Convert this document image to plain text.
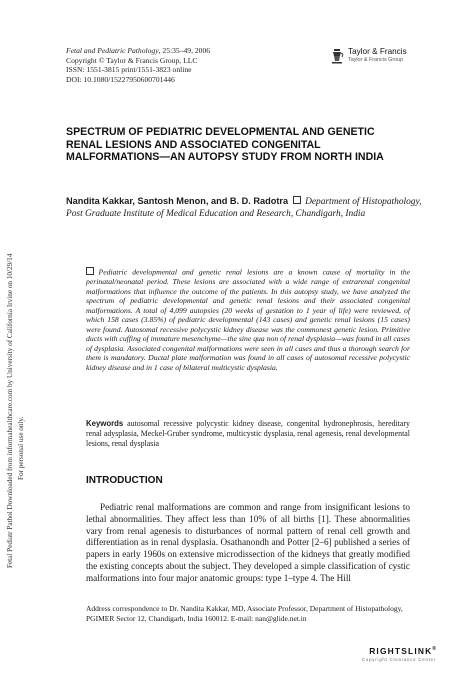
Fetal Pediatr Pathol Downloaded from informahealthcare.com by University of California Irvine on 10/29/14 For personal use only.
Fetal and Pediatric Pathology, 25:35–49, 2006
Copyright © Taylor & Francis Group, LLC
ISSN: 1551-3815 print/1551-3823 online
DOI: 10.1080/15227950600701446
Taylor & Francis
Taylor & Francis Group
SPECTRUM OF PEDIATRIC DEVELOPMENTAL AND GENETIC RENAL LESIONS AND ASSOCIATED CONGENITAL MALFORMATIONS—AN AUTOPSY STUDY FROM NORTH INDIA
Nandita Kakkar, Santosh Menon, and B. D. Radotra Department of Histopathology, Post Graduate Institute of Medical Education and Research, Chandigarh, India
Pediatric developmental and genetic renal lesions are a known cause of mortality in the perinatal/neonatal period. These lesions are associated with a wide range of extrarenal congenital malformations that influence the outcome of the patients. In this autopsy study, we have analyzed the spectrum of pediatric developmental and genetic renal lesions and their associated congenital malformations. A total of 4,099 autopsies (20 weeks of gestation to 1 year of life) were reviewed, of which 158 cases (3.85%) of pediatric developmental (143 cases) and genetic renal lesions (15 cases) were found. Autosomal recessive polycystic kidney disease was the commonest genetic lesion. Primitive ducts with cuffing of immature mesenchyme—the sine qua non of renal dysplasia—was found in all cases of dysplasia. Associated congenital malformations were seen in all cases and thus a thorough search for them is mandatory. Ductal plate malformation was found in all cases of autosomal recessive polycystic kidney disease and in 1 case of bilateral multicystic dysplasia.
Keywords autosomal recessive polycystic kidney disease, congenital hydronephrosis, hereditary renal adysplasia, Meckel-Gruber syndrome, multicystic dysplasia, renal agenesis, renal developmental lesions, renal dysplasia
INTRODUCTION

Pediatric renal malformations are common and range from insignificant lesions to lethal abnormalities. They affect less than 10% of all births [1]. These abnormalities vary from renal agenesis to disturbances of normal pattern of renal cell growth and differentiation as in renal dysplasia. Osathanondh and Potter [2–6] published a series of papers in early 1960s on extensive microdissection of the kidneys that greatly modified the existing concepts about the subject. They developed a simple classification of cystic malformations into four major anatomic groups: type 1–type 4. The Hill

Address correspondence to Dr. Nandita Kakkar, MD, Associate Professor, Department of Histopathology, PGIMER Sector 12, Chandigarh, India 160012. E-mail: nan@glide.net.in
RIGHTSLINK®
Copyright Clearance Center
